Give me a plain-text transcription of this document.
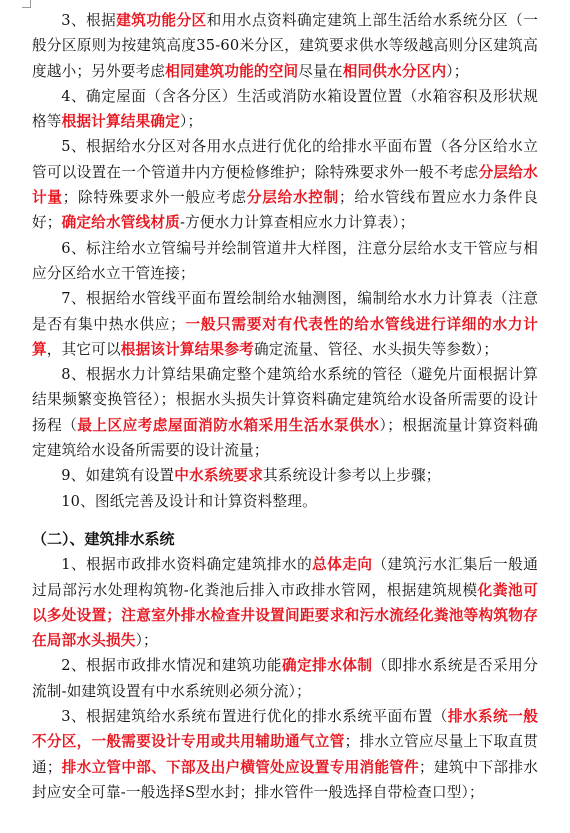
3、根据建筑功能分区和用水点资料确定建筑上部生活给水系统分区（一般分区原则为按建筑高度35-60米分区，建筑要求供水等级越高则分区建筑高度越小；另外要考虑相同建筑功能的空间尽量在相同供水分区内）；

4、确定屋面（含各分区）生活或消防水箱设置位置（水箱容积及形状规格等根据计算结果确定）；

5、根据给水分区对各用水点进行优化的给排水平面布置（各分区给水立管可以设置在一个管道井内方便检修维护；除特殊要求外一般不考虑分层给水计量；除特殊要求外一般应考虑分层给水控制；给水管线布置应水力条件良好；确定给水管线材质-方便水力计算查相应水力计算表）；

6、标注给水立管编号并绘制管道井大样图，注意分层给水支干管应与相应分区给水立干管连接；

7、根据给水管线平面布置绘制给水轴测图，编制给水水力计算表（注意是否有集中热水供应；一般只需要对有代表性的给水管线进行详细的水力计算，其它可以根据该计算结果参考确定流量、管径、水头损失等参数）；

8、根据水力计算结果确定整个建筑给水系统的管径（避免片面根据计算结果频繁变换管径）；根据水头损失计算资料确定建筑给水设备所需要的设计扬程（最上区应考虑屋面消防水箱采用生活水泵供水）；根据流量计算资料确定建筑给水设备所需要的设计流量；

9、如建筑有设置中水系统要求其系统设计参考以上步骤；

10、图纸完善及设计和计算资料整理。

（二）、建筑排水系统

1、根据市政排水资料确定建筑排水的总体走向（建筑污水汇集后一般通过局部污水处理构筑物-化粪池后排入市政排水管网，根据建筑规模化粪池可以多处设置；注意室外排水检查井设置间距要求和污水流经化粪池等构筑物存在局部水头损失）；

2、根据市政排水情况和建筑功能确定排水体制（即排水系统是否采用分流制-如建筑设置有中水系统则必须分流）；

3、根据建筑给水系统布置进行优化的排水系统平面布置（排水系统一般不分区，一般需要设计专用或共用辅助通气立管；排水立管应尽量上下取直贯通；排水立管中部、下部及出户横管处应设置专用消能管件；建筑中下部排水封应安全可靠-一般选择S型水封；排水管件一般选择自带检查口型）；
